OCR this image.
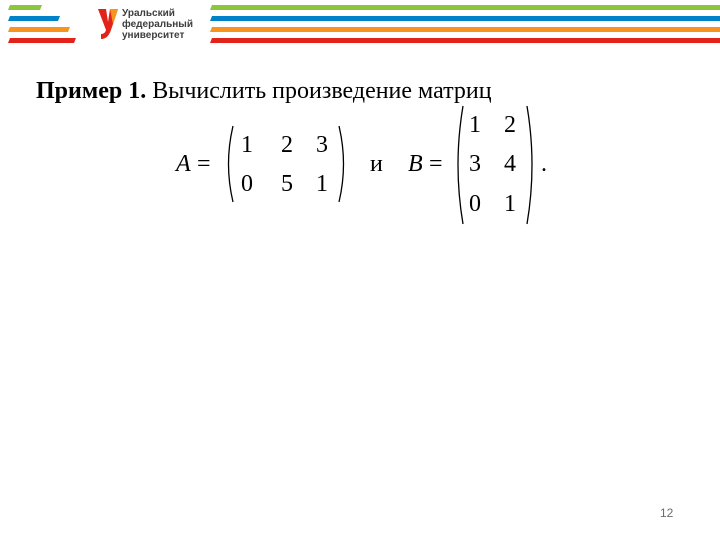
Уральский
федеральный
университет
Пример 1. Вычислить произведение матриц
A =
1 2 3
0 5 1
и B =
1 2
3 4
0 1
.
12
